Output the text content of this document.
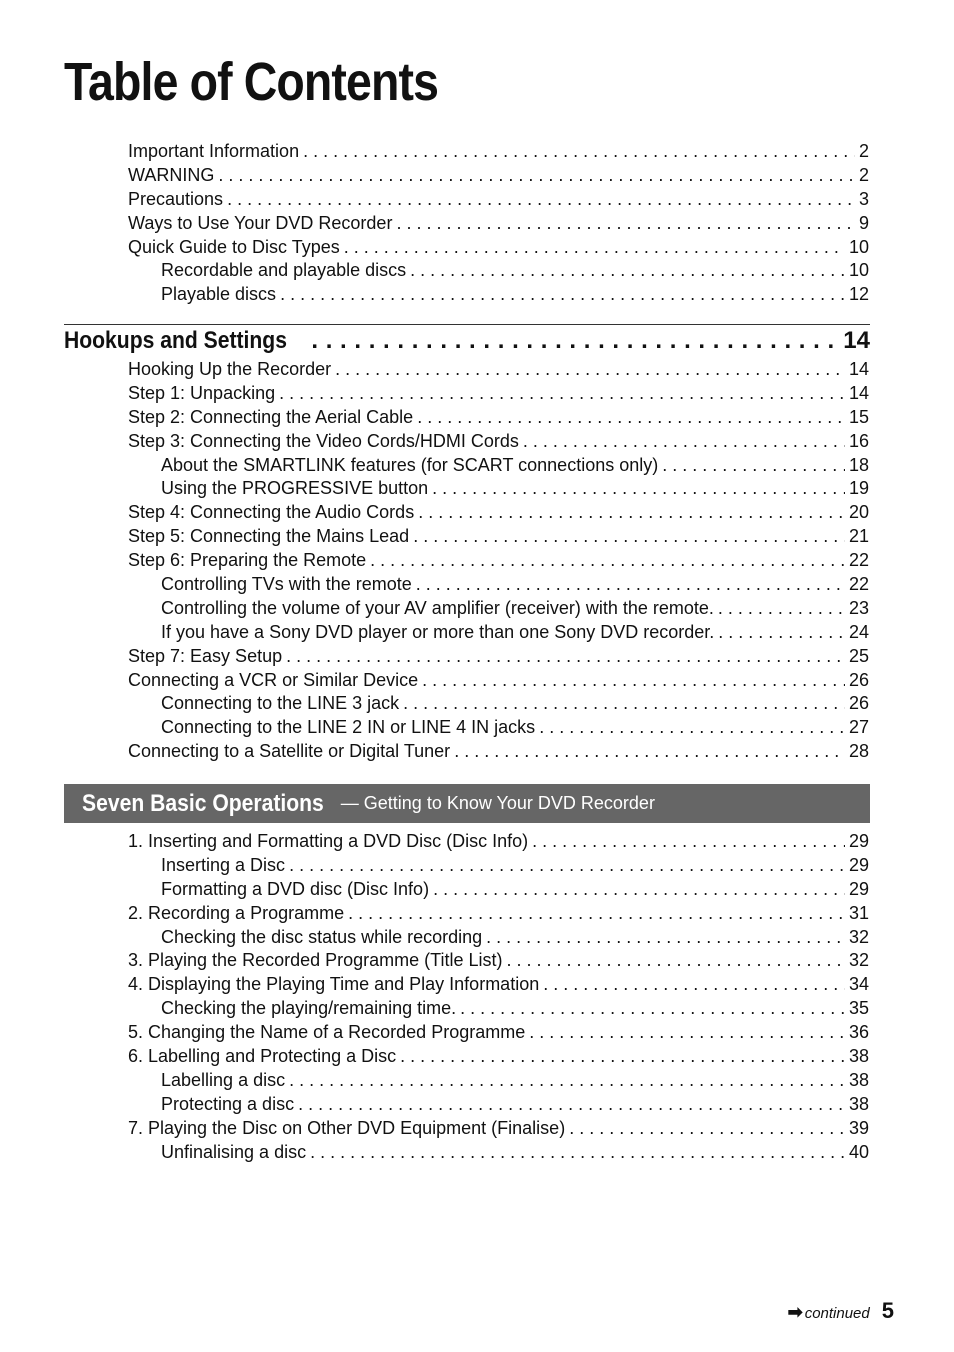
Table of Contents
Important Information . . .	2
WARNING . . .	2
Precautions . . .	3
Ways to Use Your DVD Recorder . . .	9
Quick Guide to Disc Types . . .	10
Recordable and playable discs . . .	10
Playable discs . . .	12
Hookups and Settings . . .	14
Hooking Up the Recorder . . .	14
Step 1: Unpacking . . .	14
Step 2: Connecting the Aerial Cable . . .	15
Step 3: Connecting the Video Cords/HDMI Cords . . .	16
About the SMARTLINK features (for SCART connections only) . . .	18
Using the PROGRESSIVE button . . .	19
Step 4: Connecting the Audio Cords . . .	20
Step 5: Connecting the Mains Lead . . .	21
Step 6: Preparing the Remote . . .	22
Controlling TVs with the remote . . .	22
Controlling the volume of your AV amplifier (receiver) with the remote. . . .	23
If you have a Sony DVD player or more than one Sony DVD recorder. . . .	24
Step 7: Easy Setup . . .	25
Connecting a VCR or Similar Device . . .	26
Connecting to the LINE 3 jack . . .	26
Connecting to the LINE 2 IN or LINE 4 IN jacks . . .	27
Connecting to a Satellite or Digital Tuner . . .	28
Seven Basic Operations — Getting to Know Your DVD Recorder
1. Inserting and Formatting a DVD Disc (Disc Info) . . .	29
Inserting a Disc . . .	29
Formatting a DVD disc (Disc Info) . . .	29
2. Recording a Programme . . .	31
Checking the disc status while recording . . .	32
3. Playing the Recorded Programme (Title List) . . .	32
4. Displaying the Playing Time and Play Information . . .	34
Checking the playing/remaining time. . . .	35
5. Changing the Name of a Recorded Programme . . .	36
6. Labelling and Protecting a Disc . . .	38
Labelling a disc . . .	38
Protecting a disc . . .	38
7. Playing the Disc on Other DVD Equipment (Finalise) . . .	39
Unfinalising a disc . . .	40
➡ continued 5
